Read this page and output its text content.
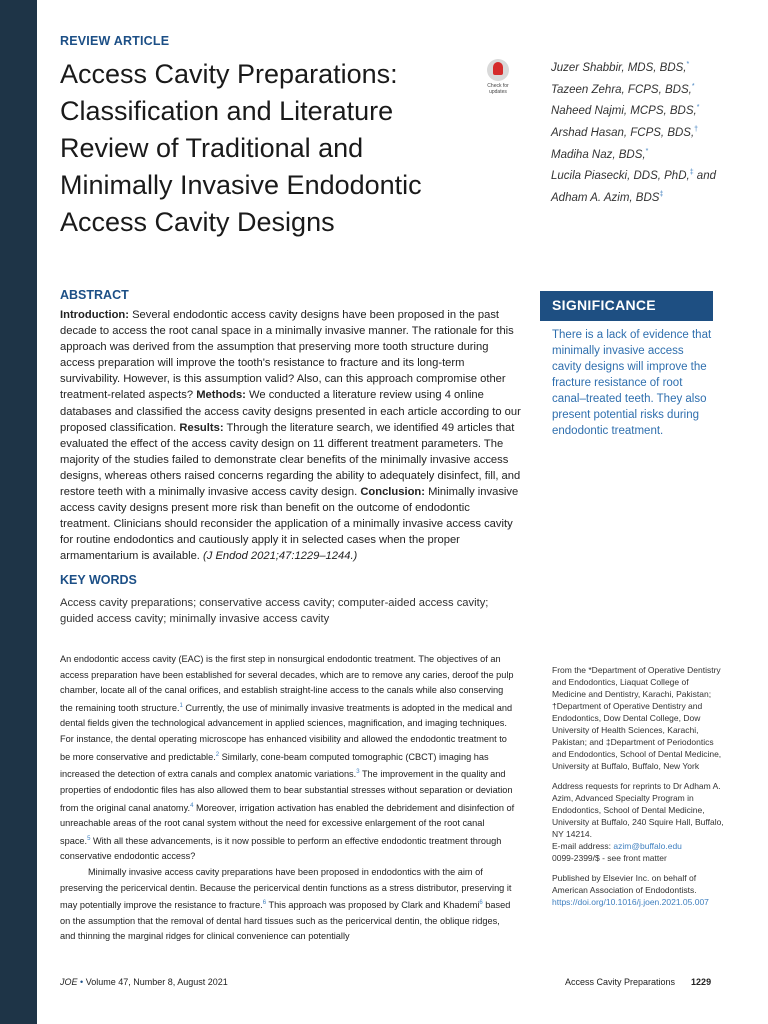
REVIEW ARTICLE
Access Cavity Preparations: Classification and Literature Review of Traditional and Minimally Invasive Endodontic Access Cavity Designs
Check for
updates
Juzer Shabbir, MDS, BDS,*
Tazeen Zehra, FCPS, BDS,*
Naheed Najmi, MCPS, BDS,*
Arshad Hasan, FCPS, BDS,†
Madiha Naz, BDS,*
Lucila Piasecki, DDS, PhD,‡ and
Adham A. Azim, BDS‡
ABSTRACT

Introduction: Several endodontic access cavity designs have been proposed in the past decade to access the root canal space in a minimally invasive manner. The rationale for this approach was derived from the assumption that preserving more tooth structure during access preparation will improve the tooth's resistance to fracture and its long-term survivability. However, is this assumption valid? Also, can this approach compromise other treatment-related aspects? Methods: We conducted a literature review using 4 online databases and classified the access cavity designs presented in each article according to our proposed classification. Results: Through the literature search, we identified 49 articles that evaluated the effect of the access cavity design on 11 different treatment parameters. The majority of the studies failed to demonstrate clear benefits of the minimally invasive access designs, whereas others raised concerns regarding the ability to adequately disinfect, fill, and restore teeth with a minimally invasive access cavity design. Conclusion: Minimally invasive access cavity designs present more risk than benefit on the outcome of endodontic treatment. Clinicians should reconsider the application of a minimally invasive access cavity for routine endodontics and cautiously apply it in selected cases when the proper armamentarium is available. (J Endod 2021;47:1229–1244.)

SIGNIFICANCE
There is a lack of evidence that minimally invasive access cavity designs will improve the fracture resistance of root canal–treated teeth. They also present potential risks during endodontic treatment.
KEY WORDS
Access cavity preparations; conservative access cavity; computer-aided access cavity; guided access cavity; minimally invasive access cavity

An endodontic access cavity (EAC) is the first step in nonsurgical endodontic treatment. The objectives of an access preparation have been established for several decades, which are to remove any caries, deroof the pulp chamber, locate all of the canal orifices, and establish straight-line access to the canals while also conserving the remaining tooth structure.$^1$ Currently, the use of minimally invasive treatments is adopted in the medical and dental fields given the technological advancement in applied sciences, magnification, and imaging techniques. For instance, the dental operating microscope has enhanced visibility and allowed the endodontic treatment to be more conservative and predictable.$^2$ Similarly, cone-beam computed tomographic (CBCT) imaging has increased the detection of extra canals and complex anatomic variations.$^3$ The improvement in the quality and properties of endodontic files has also allowed them to bear substantial stresses without separation or deviation from the original canal anatomy.$^4$ Moreover, irrigation activation has enabled the debridement and disinfection of unreachable areas of the root canal system without the need for excessive enlargement of the root canal space.$^5$ With all these advancements, is it now possible to perform an effective endodontic treatment through conservative endodontic access?

Minimally invasive access cavity preparations have been proposed in endodontics with the aim of preserving the pericervical dentin. Because the pericervical dentin functions as a stress distributor, preserving it may potentially improve the resistance to fracture.$^6$ This approach was proposed by Clark and Khademi$^6$ based on the assumption that the removal of dental hard tissues such as the pericervical dentin, the oblique ridges, and thinning the marginal ridges for clinical convenience can potentially

From the *Department of Operative Dentistry and Endodontics, Liaquat College of Medicine and Dentistry, Karachi, Pakistan; †Department of Operative Dentistry and Endodontics, Dow Dental College, Dow University of Health Sciences, Karachi, Pakistan; and ‡Department of Periodontics and Endodontics, School of Dental Medicine, University at Buffalo, Buffalo, New York

Address requests for reprints to Dr Adham A. Azim, Advanced Specialty Program in Endodontics, School of Dental Medicine, University at Buffalo, 240 Squire Hall, Buffalo, NY 14214.
E-mail address: azim@buffalo.edu
0099-2399/$ - see front matter

Published by Elsevier Inc. on behalf of American Association of Endodontists.
https://doi.org/10.1016/j.joen.2021.05.007

JOE • Volume 47, Number 8, August 2021	Access Cavity Preparations 1229
